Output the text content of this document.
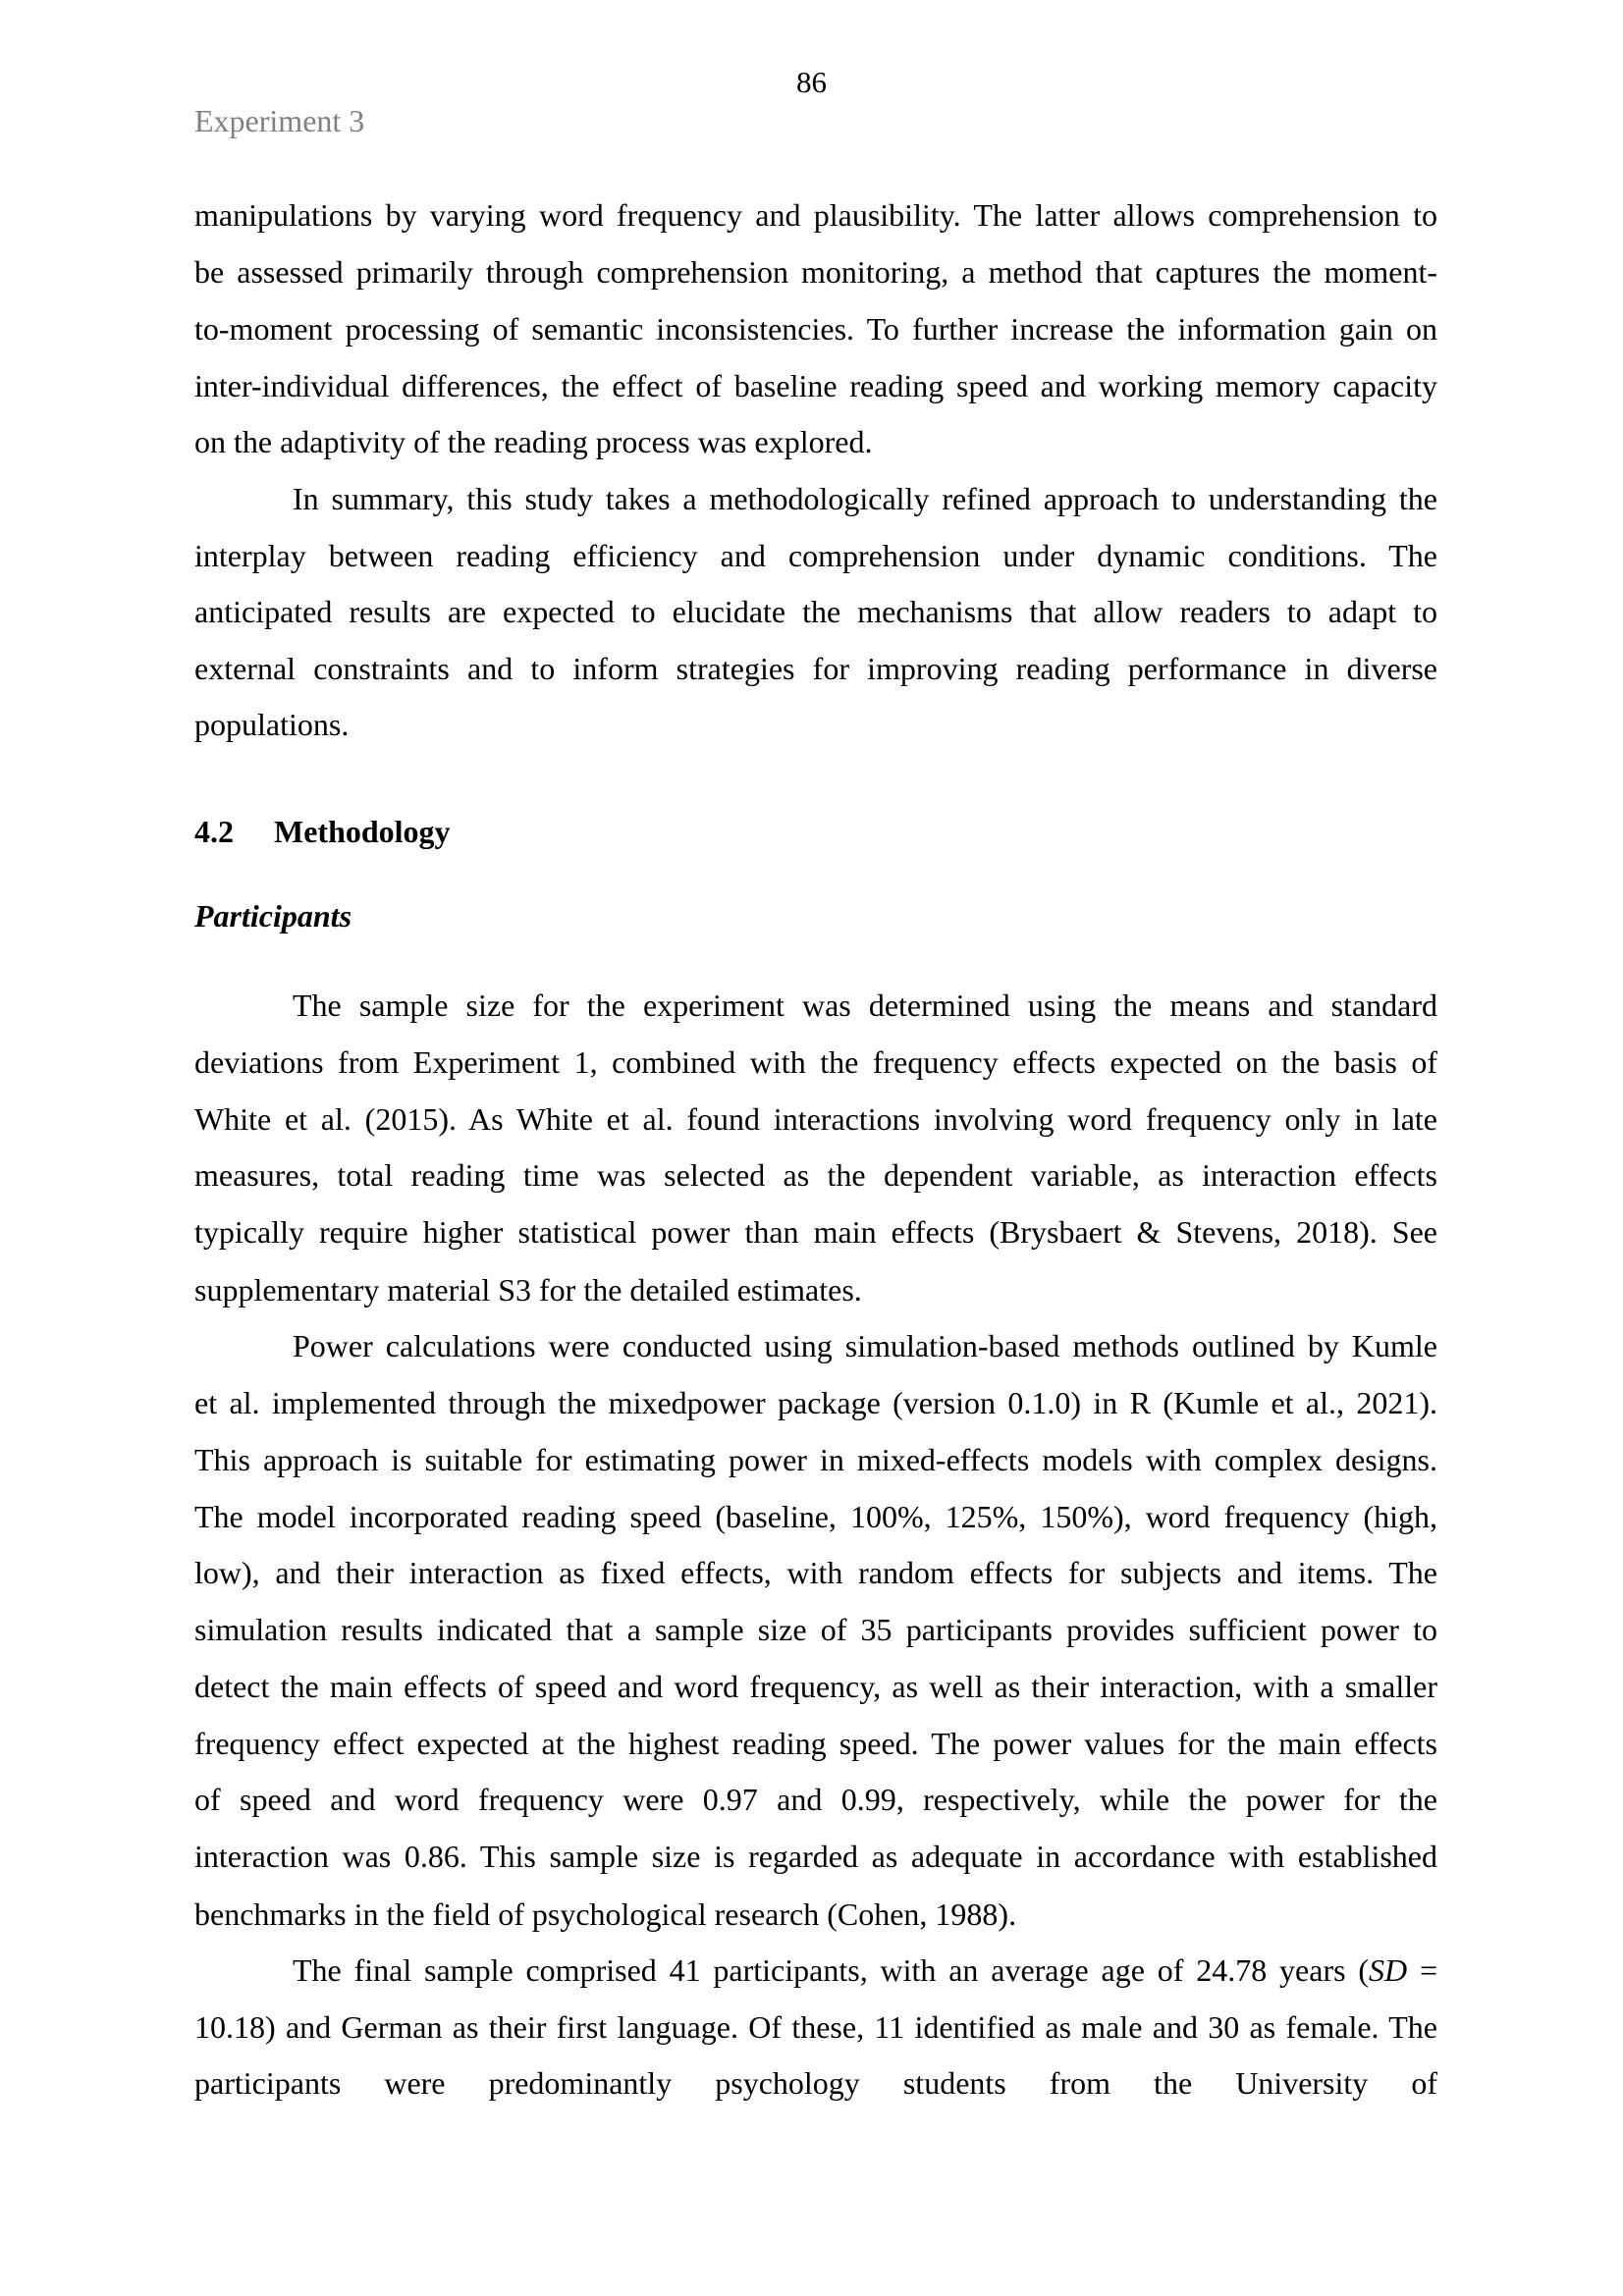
86
Experiment 3
4.2 Methodology
Participants
manipulations by varying word frequency and plausibility. The latter allows comprehension to
be assessed primarily through comprehension monitoring, a method that captures the moment-
to-moment processing of semantic inconsistencies. To further increase the information gain on
inter-individual differences, the effect of baseline reading speed and working memory capacity
on the adaptivity of the reading process was explored.
In summary, this study takes a methodologically refined approach to understanding the
interplay between reading efficiency and comprehension under dynamic conditions. The
anticipated results are expected to elucidate the mechanisms that allow readers to adapt to
external constraints and to inform strategies for improving reading performance in diverse
populations.
The sample size for the experiment was determined using the means and standard
deviations from Experiment 1, combined with the frequency effects expected on the basis of
White et al. (2015). As White et al. found interactions involving word frequency only in late
measures, total reading time was selected as the dependent variable, as interaction effects
typically require higher statistical power than main effects (Brysbaert & Stevens, 2018). See
supplementary material S3 for the detailed estimates.
Power calculations were conducted using simulation-based methods outlined by Kumle
et al. implemented through the mixedpower package (version 0.1.0) in R (Kumle et al., 2021).
This approach is suitable for estimating power in mixed-effects models with complex designs.
The model incorporated reading speed (baseline, 100%, 125%, 150%), word frequency (high,
low), and their interaction as fixed effects, with random effects for subjects and items. The
simulation results indicated that a sample size of 35 participants provides sufficient power to
detect the main effects of speed and word frequency, as well as their interaction, with a smaller
frequency effect expected at the highest reading speed. The power values for the main effects
of speed and word frequency were 0.97 and 0.99, respectively, while the power for the
interaction was 0.86. This sample size is regarded as adequate in accordance with established
benchmarks in the field of psychological research (Cohen, 1988).
The final sample comprised 41 participants, with an average age of 24.78 years (SD =
10.18) and German as their first language. Of these, 11 identified as male and 30 as female. The
participants were predominantly psychology students from the University of
